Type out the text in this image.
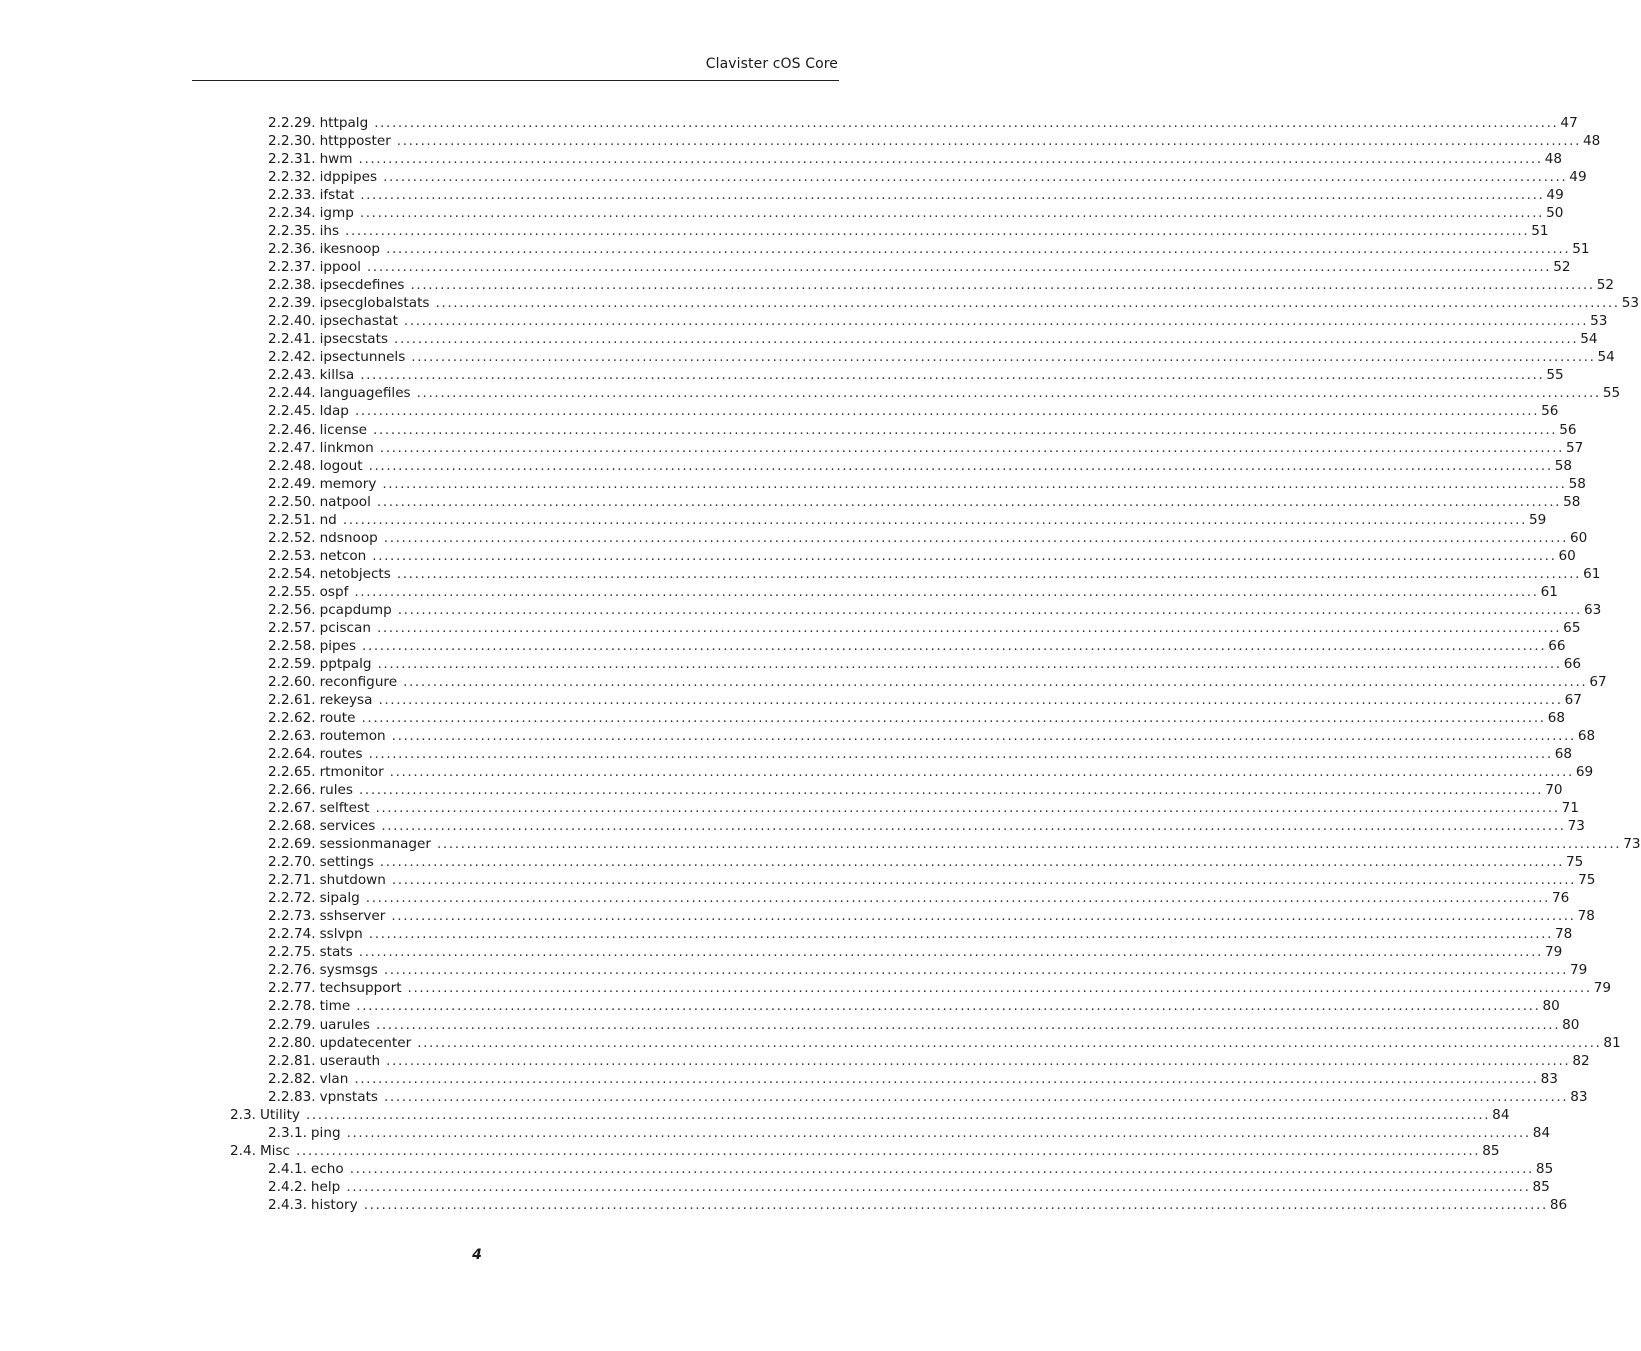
Clavister cOS Core
2.2.29. httpalg ........................................................................................................................................................................................................ 47
2.2.30. httpposter ........................................................................................................................................................................................................ 48
2.2.31. hwm ........................................................................................................................................................................................................ 48
2.2.32. idppipes ........................................................................................................................................................................................................ 49
2.2.33. ifstat ........................................................................................................................................................................................................ 49
2.2.34. igmp ........................................................................................................................................................................................................ 50
2.2.35. ihs ........................................................................................................................................................................................................ 51
2.2.36. ikesnoop ........................................................................................................................................................................................................ 51
2.2.37. ippool ........................................................................................................................................................................................................ 52
2.2.38. ipsecdefines ........................................................................................................................................................................................................ 52
2.2.39. ipsecglobalstats ........................................................................................................................................................................................................ 53
2.2.40. ipsechastat ........................................................................................................................................................................................................ 53
2.2.41. ipsecstats ........................................................................................................................................................................................................ 54
2.2.42. ipsectunnels ........................................................................................................................................................................................................ 54
2.2.43. killsa ........................................................................................................................................................................................................ 55
2.2.44. languagefiles ........................................................................................................................................................................................................ 55
2.2.45. ldap ........................................................................................................................................................................................................ 56
2.2.46. license ........................................................................................................................................................................................................ 56
2.2.47. linkmon ........................................................................................................................................................................................................ 57
2.2.48. logout ........................................................................................................................................................................................................ 58
2.2.49. memory ........................................................................................................................................................................................................ 58
2.2.50. natpool ........................................................................................................................................................................................................ 58
2.2.51. nd ........................................................................................................................................................................................................ 59
2.2.52. ndsnoop ........................................................................................................................................................................................................ 60
2.2.53. netcon ........................................................................................................................................................................................................ 60
2.2.54. netobjects ........................................................................................................................................................................................................ 61
2.2.55. ospf ........................................................................................................................................................................................................ 61
2.2.56. pcapdump ........................................................................................................................................................................................................ 63
2.2.57. pciscan ........................................................................................................................................................................................................ 65
2.2.58. pipes ........................................................................................................................................................................................................ 66
2.2.59. pptpalg ........................................................................................................................................................................................................ 66
2.2.60. reconfigure ........................................................................................................................................................................................................ 67
2.2.61. rekeysa ........................................................................................................................................................................................................ 67
2.2.62. route ........................................................................................................................................................................................................ 68
2.2.63. routemon ........................................................................................................................................................................................................ 68
2.2.64. routes ........................................................................................................................................................................................................ 68
2.2.65. rtmonitor ........................................................................................................................................................................................................ 69
2.2.66. rules ........................................................................................................................................................................................................ 70
2.2.67. selftest ........................................................................................................................................................................................................ 71
2.2.68. services ........................................................................................................................................................................................................ 73
2.2.69. sessionmanager ........................................................................................................................................................................................................ 73
2.2.70. settings ........................................................................................................................................................................................................ 75
2.2.71. shutdown ........................................................................................................................................................................................................ 75
2.2.72. sipalg ........................................................................................................................................................................................................ 76
2.2.73. sshserver ........................................................................................................................................................................................................ 78
2.2.74. sslvpn ........................................................................................................................................................................................................ 78
2.2.75. stats ........................................................................................................................................................................................................ 79
2.2.76. sysmsgs ........................................................................................................................................................................................................ 79
2.2.77. techsupport ........................................................................................................................................................................................................ 79
2.2.78. time ........................................................................................................................................................................................................ 80
2.2.79. uarules ........................................................................................................................................................................................................ 80
2.2.80. updatecenter ........................................................................................................................................................................................................ 81
2.2.81. userauth ........................................................................................................................................................................................................ 82
2.2.82. vlan ........................................................................................................................................................................................................ 83
2.2.83. vpnstats ........................................................................................................................................................................................................ 83
2.3. Utility ........................................................................................................................................................................................................ 84
2.3.1. ping ........................................................................................................................................................................................................ 84
2.4. Misc ........................................................................................................................................................................................................ 85
2.4.1. echo ........................................................................................................................................................................................................ 85
2.4.2. help ........................................................................................................................................................................................................ 85
2.4.3. history ........................................................................................................................................................................................................ 86
4
